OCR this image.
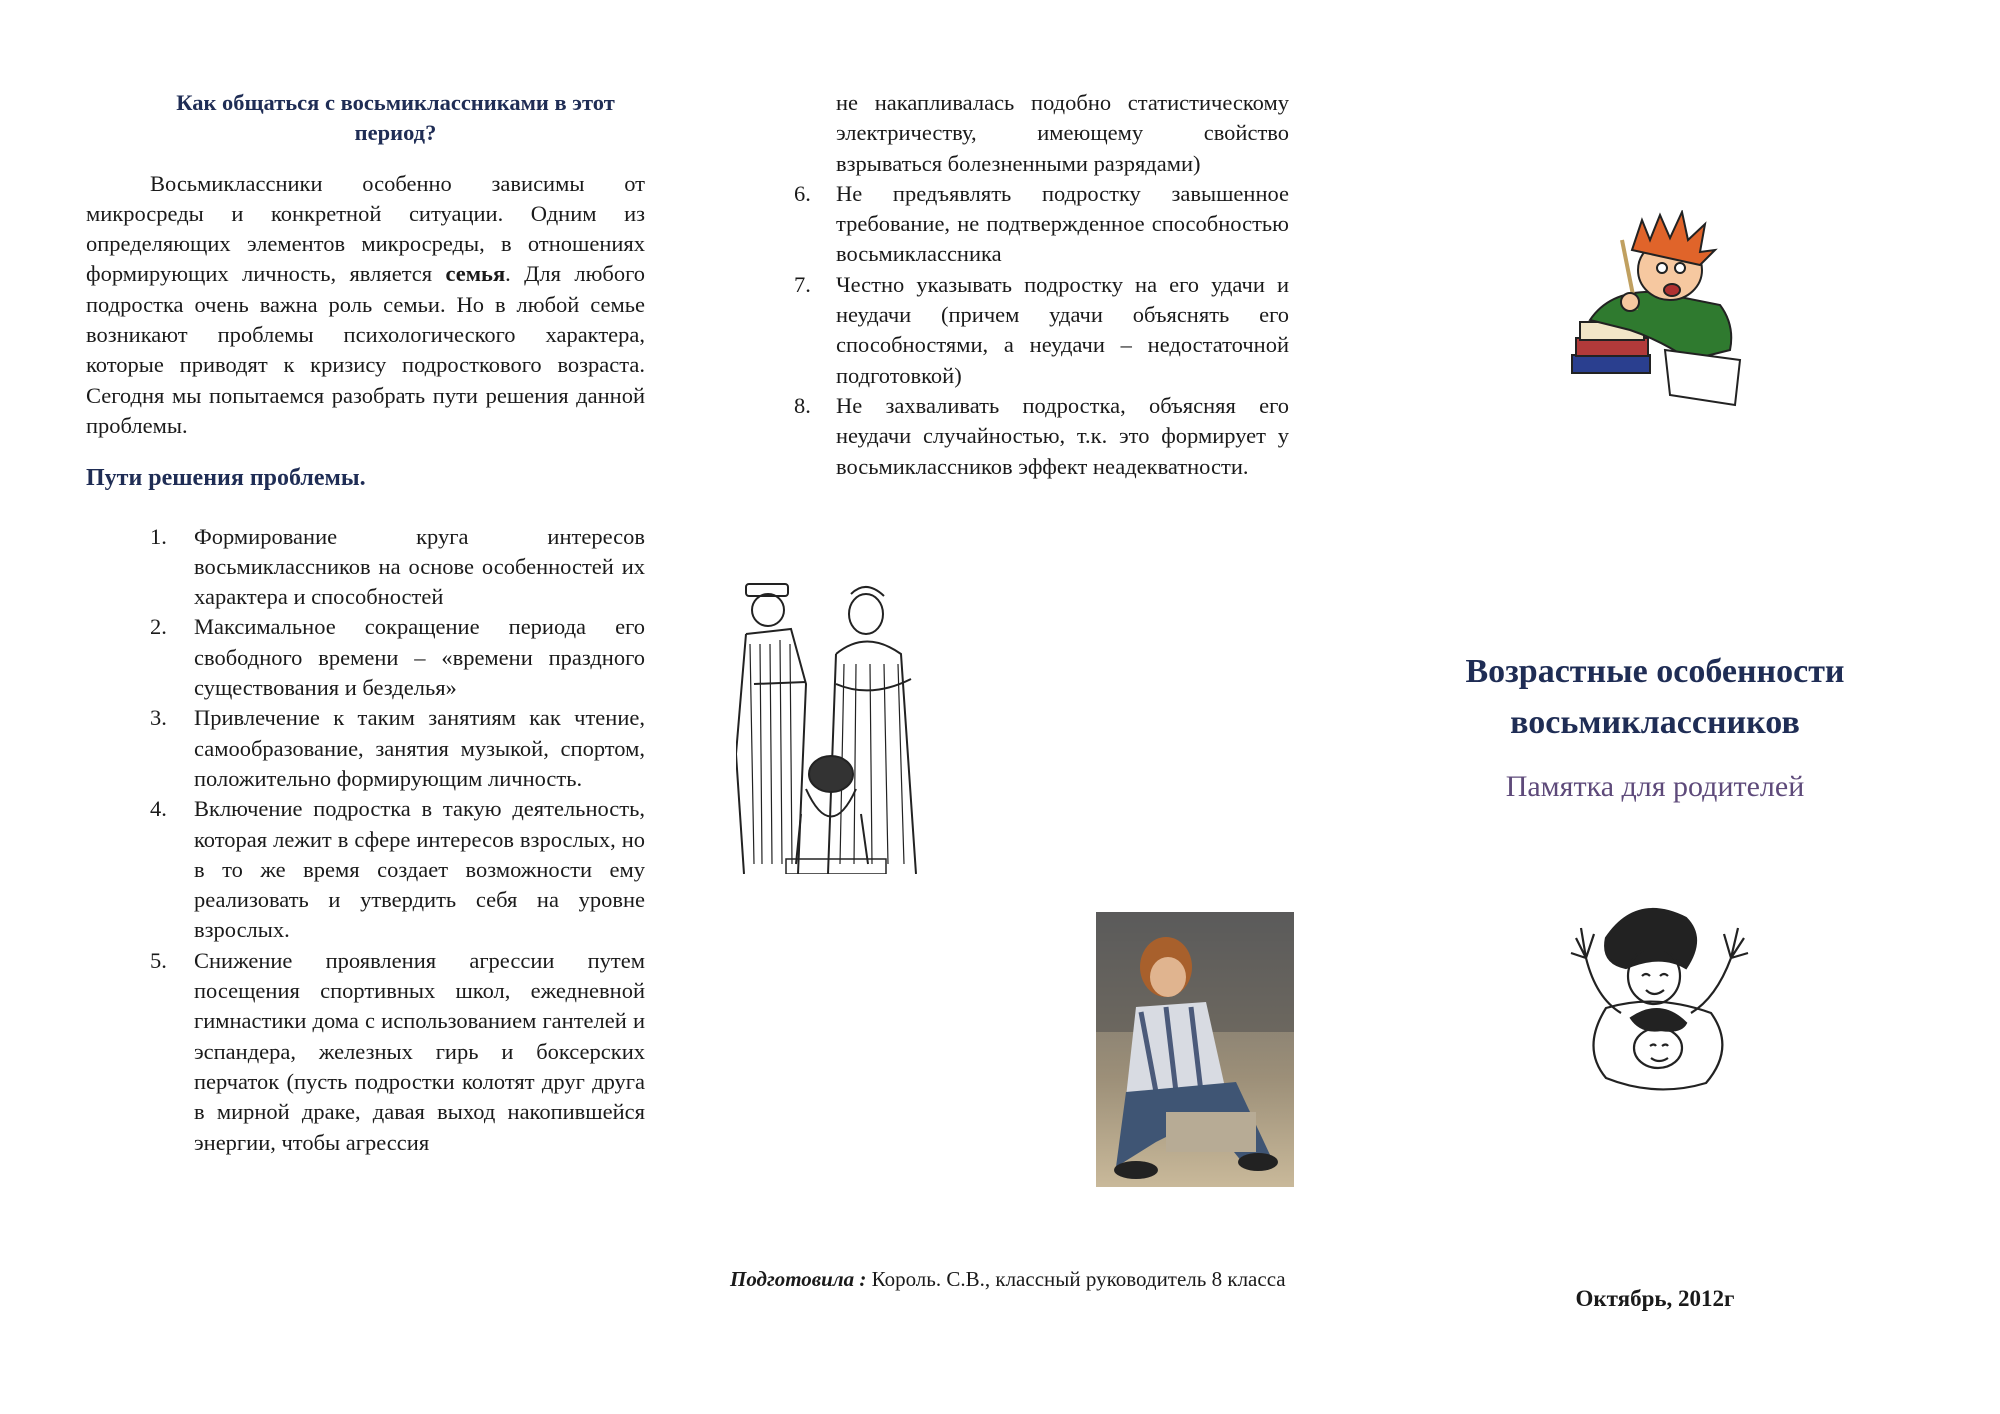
Как общаться с восьмиклассниками в этот период?

Восьмиклассники особенно зависимы от микросреды и конкретной ситуации. Одним из определяющих элементов микросреды, в отношениях формирующих личность, является семья. Для любого подростка очень важна роль семьи. Но в любой семье возникают проблемы психологического характера, которые приводят к кризису подросткового возраста. Сегодня мы попытаемся разобрать пути решения данной проблемы.

Пути решения проблемы.

1. Формирование круга интересов восьмиклассников на основе особенностей их характера и способностей
2. Максимальное сокращение периода его свободного времени – «времени праздного существования и безделья»
3. Привлечение к таким занятиям как чтение, самообразование, занятия музыкой, спортом, положительно формирующим личность.
4. Включение подростка в такую деятельность, которая лежит в сфере интересов взрослых, но в то же время создает возможности ему реализовать и утвердить себя на уровне взрослых.
5. Снижение проявления агрессии путем посещения спортивных школ, ежедневной гимнастики дома с использованием гантелей и эспандера, железных гирь и боксерских перчаток (пусть подростки колотят друг друга в мирной драке, давая выход накопившейся энергии, чтобы агрессия

не накапливалась подобно статистическому электричеству, имеющему свойство взрываться болезненными разрядами)

6. Не предъявлять подростку завышенное требование, не подтвержденное способностью восьмиклассника
7. Честно указывать подростку на его удачи и неудачи (причем удачи объяснять его способностями, а неудачи – недостаточной подготовкой)
8. Не захваливать подростка, объясняя его неудачи случайностью, т.к. это формирует у восьмиклассников эффект неадекватности.
Подготовила : Король. С.В., классный руководитель 8 класса
Возрастные особенности
восьмиклассников
Памятка для родителей
Октябрь, 2012г
